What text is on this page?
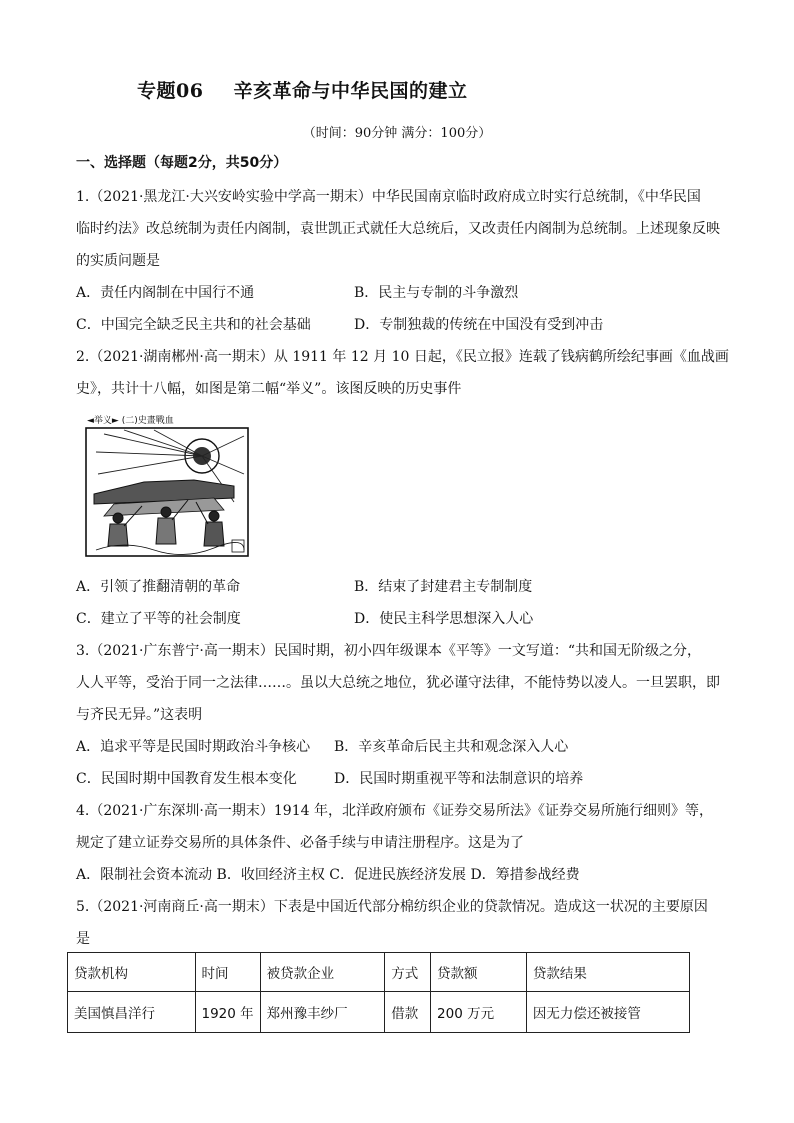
专题06 辛亥革命与中华民国的建立
（时间：90分钟 满分：100分）
一、选择题（每题2分，共50分）
1.（2021·黑龙江·大兴安岭实验中学高一期末）中华民国南京临时政府成立时实行总统制，《中华民国
临时约法》改总统制为责任内阁制，袁世凯正式就任大总统后，又改责任内阁制为总统制。上述现象反映
的实质问题是
A．责任内阁制在中国行不通	B．民主与专制的斗争激烈
C．中国完全缺乏民主共和的社会基础	D．专制独裁的传统在中国没有受到冲击
2.（2021·湖南郴州·高一期末）从 1911 年 12 月 10 日起，《民立报》连载了钱病鹤所绘纪事画《血战画
史》，共计十八幅，如图是第二幅“举义”。该图反映的历史事件
◄举义► (二)史畫戰血
A．引领了推翻清朝的革命	B．结束了封建君主专制制度
C．建立了平等的社会制度	D．使民主科学思想深入人心
3.（2021·广东普宁·高一期末）民国时期，初小四年级课本《平等》一文写道：“共和国无阶级之分，
人人平等，受治于同一之法律……。虽以大总统之地位，犹必谨守法律，不能恃势以凌人。一旦罢职，即
与齐民无异。”这表明
A．追求平等是民国时期政治斗争核心 B．辛亥革命后民主共和观念深入人心
C．民国时期中国教育发生根本变化	D．民国时期重视平等和法制意识的培养
4.（2021·广东深圳·高一期末）1914 年，北洋政府颁布《证券交易所法》《证券交易所施行细则》等，
规定了建立证券交易所的具体条件、必备手续与申请注册程序。这是为了
A．限制社会资本流动 B．收回经济主权 C．促进民族经济发展 D．筹措参战经费
5.（2021·河南商丘·高一期末）下表是中国近代部分棉纺织企业的贷款情况。造成这一状况的主要原因
是
贷款机构	时间	被贷款企业	方式	贷款额	贷款结果
美国慎昌洋行	1920 年	郑州豫丰纱厂	借款	200 万元	因无力偿还被接管
